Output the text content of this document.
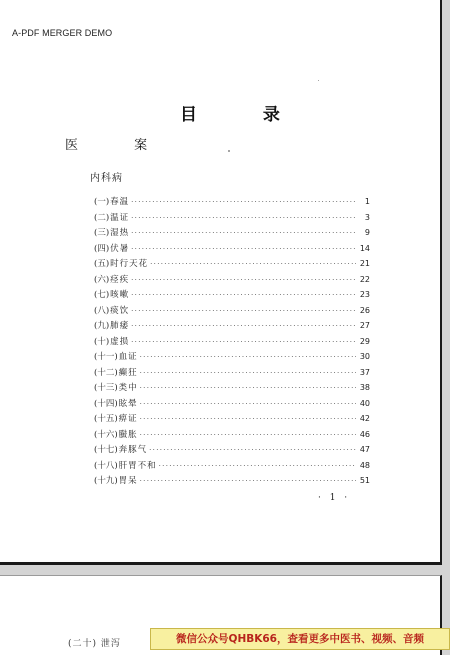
A-PDF MERGER DEMO
目 录
医 案
内科病
(一) 春温 ·····	1
(二) 温证 ·····	3
(三) 湿热 ·····	9
(四) 伏暑 ·····	14
(五) 时行天花 ·····	21
(六) 痉疾 ·····	22
(七) 咳嗽 ·····	23
(八) 痰饮 ·····	26
(九) 肺痿 ·····	27
(十) 虚损 ·····	29
(十一) 血证 ·····	30
(十二) 癫狂 ·····	37
(十三) 类中 ·····	38
(十四) 眩晕 ·····	40
(十五) 痹证 ·····	42
(十六) 臌胀 ·····	46
(十七) 奔豚气 ·····	47
(十八) 肝胃不和 ·····	48
(十九) 胃呆 ·····	51
· 1 ·
(二十) 泄泻	微信公众号QHBK66，查看更多中医书、视频、音频
